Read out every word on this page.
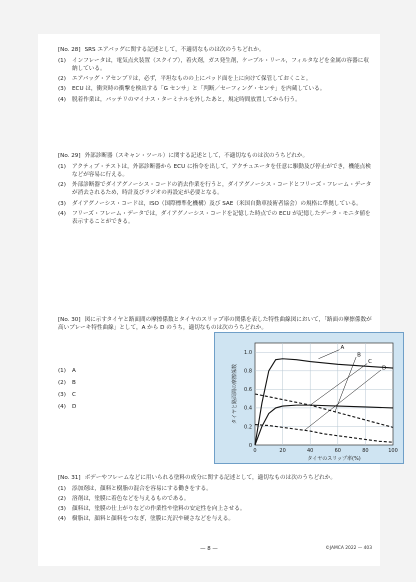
[No. 28] SRS エアバッグに関する記述として，不適切なものは次のうちどれか。
(1)	インフレータは，電気点火装置（スクイブ），着火剤，ガス発生剤，ケーブル・リール，フィルタなどを金属の容器に収納している。
(2)	エアバッグ・アセンブリは，必ず，平坦なものの上にパッド面を上に向けて保管しておくこと。
(3)	ECU は，衝突時の衝撃を検出する「G センサ」と「判断／セーフィング・センサ」を内蔵している。
(4)	脱着作業は，バッテリのマイナス・ターミナルを外したあと，規定時間放置してから行う。
[No. 29] 外部診断器（スキャン・ツール）に関する記述として，不適切なものは次のうちどれか。
(1)	アクティブ・テストは，外部診断器から ECU に指令を出して，アクチュエータを任意に駆動及び停止ができ，機能点検などが容易に行える。
(2)	外部診断器でダイアグノーシス・コードの消去作業を行うと，ダイアグノーシス・コードとフリーズ・フレーム・データが消去されるため，時計及びラジオの再設定が必要となる。
(3)	ダイアグノーシス・コードは，ISO（国際標準化機構）及び SAE（米国自動車技術者協会）の規格に準拠している。
(4)	フリーズ・フレーム・データでは，ダイアグノーシス・コードを記憶した時点での ECU が記憶したデータ・モニタ値を表示することができる。
[No. 30] 図に示すタイヤと路面間の摩擦係数とタイヤのスリップ率の関係を表した特性曲線図において，「路面の摩擦係数が高いブレーキ特性曲線」として，A から D のうち，適切なものは次のうちどれか。
(1)	A
(2)	B
(3)	C
(4)	D
0
0.2
0.4
0.6
0.8
1.0
0	20	40	60	80	100
タイヤのスリップ率(%)
タイヤと路面間の摩擦係数
A
B
C
D
[No. 31] ボデーやフレームなどに用いられる塗料の成分に関する記述として，適切なものは次のうちどれか。
(1)	添加剤は，顔料と樹脂の混合を容易にする働きをする。
(2)	溶剤は，塗膜に着色などを与えるものである。
(3)	顔料は，塗膜の仕上がりなどの作業性や塗料の安定性を向上させる。
(4)	樹脂は，顔料と顔料をつなぎ，塗膜に光沢や硬さなどを与える。
— 8 —	©JAMCA 2022 — 403
